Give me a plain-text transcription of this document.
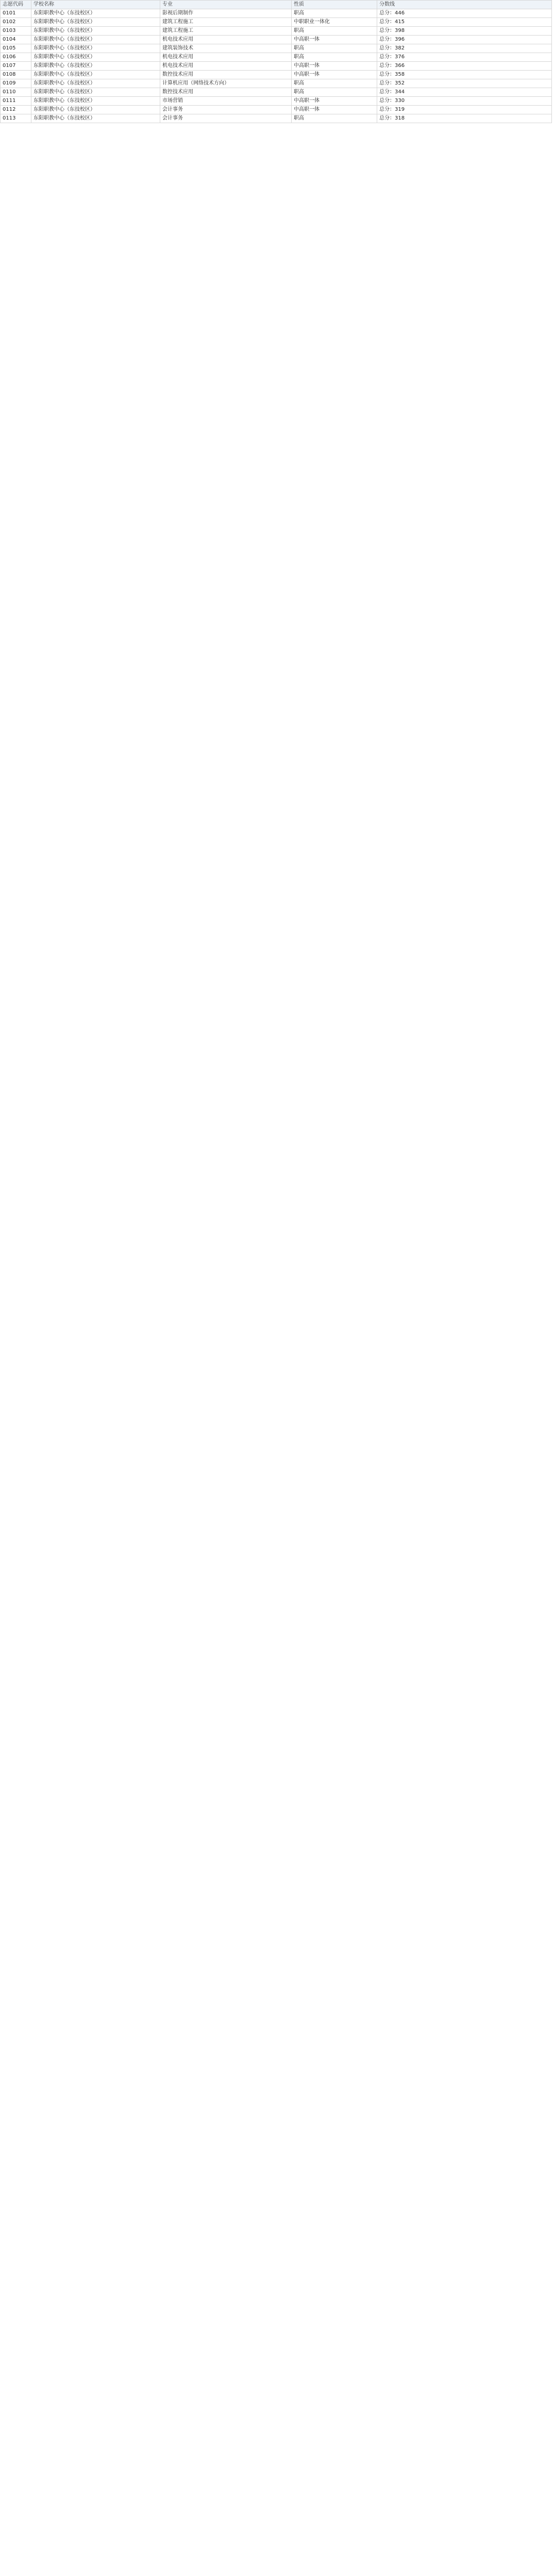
志愿代码	学校名称	专业	性质	分数线
0101	东阳职教中心（东技校区）	影视后期制作	职高	总分：446
0102	东阳职教中心（东技校区）	建筑工程施工	中职职业一体化	总分：415
0103	东阳职教中心（东技校区）	建筑工程施工	职高	总分：398
0104	东阳职教中心（东技校区）	机电技术应用	中高职一体	总分：396
0105	东阳职教中心（东技校区）	建筑装饰技术	职高	总分：382
0106	东阳职教中心（东技校区）	机电技术应用	职高	总分：376
0107	东阳职教中心（东技校区）	机电技术应用	中高职一体	总分：366
0108	东阳职教中心（东技校区）	数控技术应用	中高职一体	总分：358
0109	东阳职教中心（东技校区）	计算机应用（网络技术方向）	职高	总分：352
0110	东阳职教中心（东技校区）	数控技术应用	职高	总分：344
0111	东阳职教中心（东技校区）	市场营销	中高职一体	总分：330
0112	东阳职教中心（东技校区）	会计事务	中高职一体	总分：319
0113	东阳职教中心（东技校区）	会计事务	职高	总分：318
